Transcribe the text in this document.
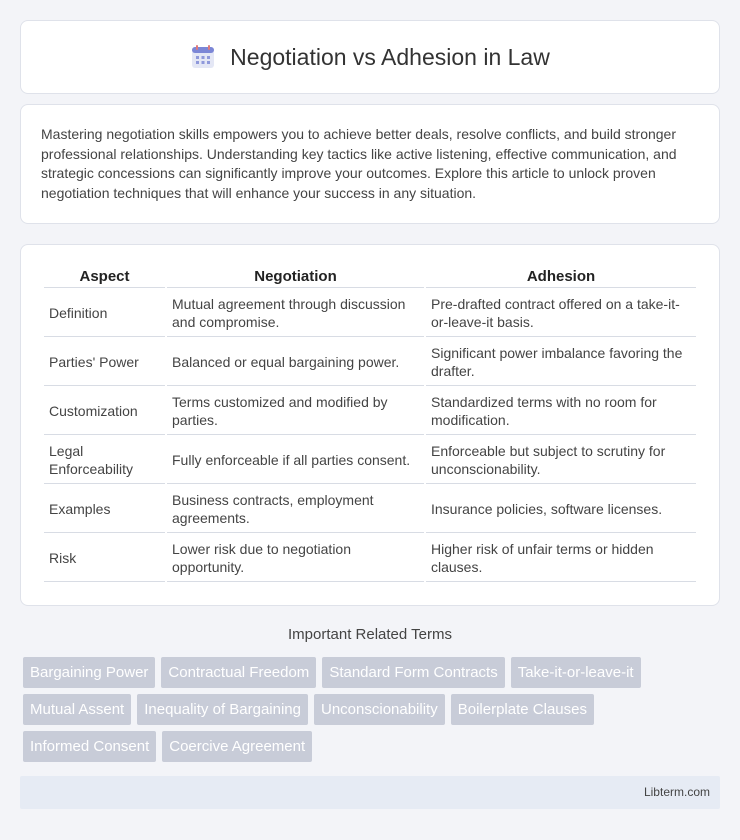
Negotiation vs Adhesion in Law

Mastering negotiation skills empowers you to achieve better deals, resolve conflicts, and build stronger professional relationships. Understanding key tactics like active listening, effective communication, and strategic concessions can significantly improve your outcomes. Explore this article to unlock proven negotiation techniques that will enhance your success in any situation.

Aspect	Negotiation	Adhesion
Definition	Mutual agreement through discussion and compromise.	Pre-drafted contract offered on a take-it-or-leave-it basis.
Parties' Power	Balanced or equal bargaining power.	Significant power imbalance favoring the drafter.
Customization	Terms customized and modified by parties.	Standardized terms with no room for modification.
Legal Enforceability	Fully enforceable if all parties consent.	Enforceable but subject to scrutiny for unconscionability.
Examples	Business contracts, employment agreements.	Insurance policies, software licenses.
Risk	Lower risk due to negotiation opportunity.	Higher risk of unfair terms or hidden clauses.
Important Related Terms
Bargaining Power	Contractual Freedom	Standard Form Contracts	Take-it-or-leave-it
Mutual Assent	Inequality of Bargaining	Unconscionability	Boilerplate Clauses
Informed Consent	Coercive Agreement
Libterm.com
